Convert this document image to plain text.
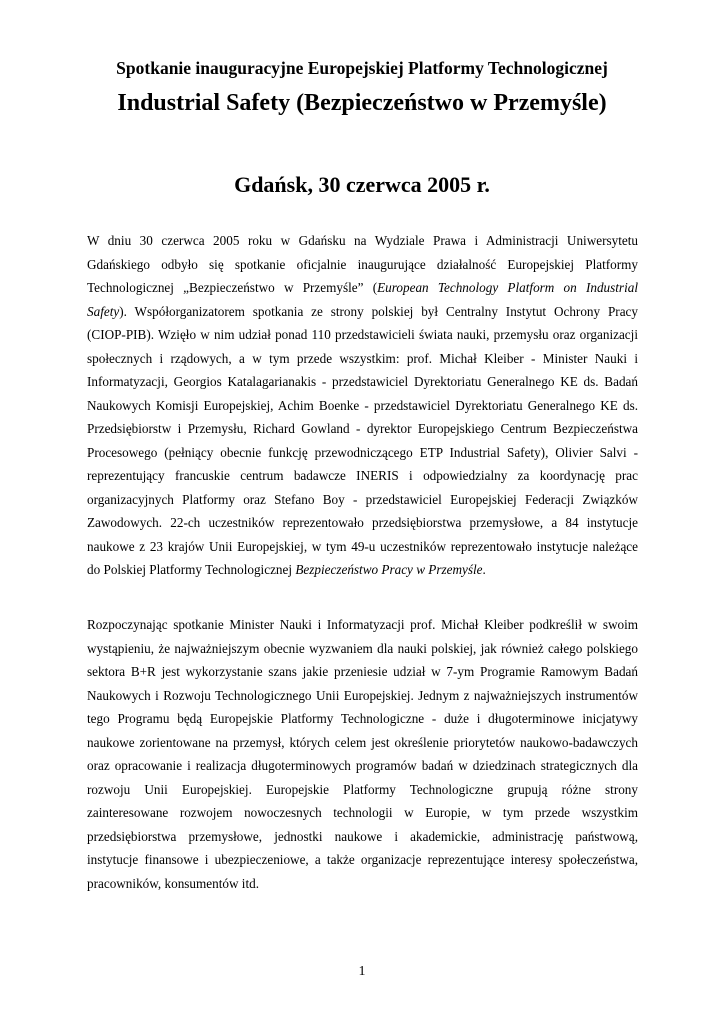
Spotkanie inauguracyjne Europejskiej Platformy Technologicznej
Industrial Safety (Bezpieczeństwo w Przemyśle)
Gdańsk, 30 czerwca 2005 r.
W dniu 30 czerwca 2005 roku w Gdańsku na Wydziale Prawa i Administracji Uniwersytetu
Gdańskiego odbyło się spotkanie oficjalnie inaugurujące działalność Europejskiej Platformy
Technologicznej „Bezpieczeństwo w Przemyśle” (European Technology Platform on Industrial
Safety). Współorganizatorem spotkania ze strony polskiej był Centralny Instytut Ochrony Pracy
(CIOP-PIB). Wzięło w nim udział ponad 110 przedstawicieli świata nauki, przemysłu oraz organizacji
społecznych i rządowych, a w tym przede wszystkim: prof. Michał Kleiber - Minister Nauki i
Informatyzacji, Georgios Katalagarianakis - przedstawiciel Dyrektoriatu Generalnego KE ds. Badań
Naukowych Komisji Europejskiej, Achim Boenke - przedstawiciel Dyrektoriatu Generalnego KE ds.
Przedsiębiorstw i Przemysłu, Richard Gowland - dyrektor Europejskiego Centrum Bezpieczeństwa
Procesowego (pełniący obecnie funkcję przewodniczącego ETP Industrial Safety), Olivier Salvi -
reprezentujący francuskie centrum badawcze INERIS i odpowiedzialny za koordynację prac
organizacyjnych Platformy oraz Stefano Boy - przedstawiciel Europejskiej Federacji Związków
Zawodowych. 22-ch uczestników reprezentowało przedsiębiorstwa przemysłowe, a 84 instytucje
naukowe z 23 krajów Unii Europejskiej, w tym 49-u uczestników reprezentowało instytucje należące
do Polskiej Platformy Technologicznej Bezpieczeństwo Pracy w Przemyśle.
Rozpoczynając spotkanie Minister Nauki i Informatyzacji prof. Michał Kleiber podkreślił w swoim
wystąpieniu, że najważniejszym obecnie wyzwaniem dla nauki polskiej, jak również całego polskiego
sektora B+R jest wykorzystanie szans jakie przeniesie udział w 7-ym Programie Ramowym Badań
Naukowych i Rozwoju Technologicznego Unii Europejskiej. Jednym z najważniejszych instrumentów
tego Programu będą Europejskie Platformy Technologiczne - duże i długoterminowe inicjatywy
naukowe zorientowane na przemysł, których celem jest określenie priorytetów naukowo-badawczych
oraz opracowanie i realizacja długoterminowych programów badań w dziedzinach strategicznych dla
rozwoju Unii Europejskiej. Europejskie Platformy Technologiczne grupują różne strony
zainteresowane rozwojem nowoczesnych technologii w Europie, w tym przede wszystkim
przedsiębiorstwa przemysłowe, jednostki naukowe i akademickie, administrację państwową,
instytucje finansowe i ubezpieczeniowe, a także organizacje reprezentujące interesy społeczeństwa,
pracowników, konsumentów itd.
1
